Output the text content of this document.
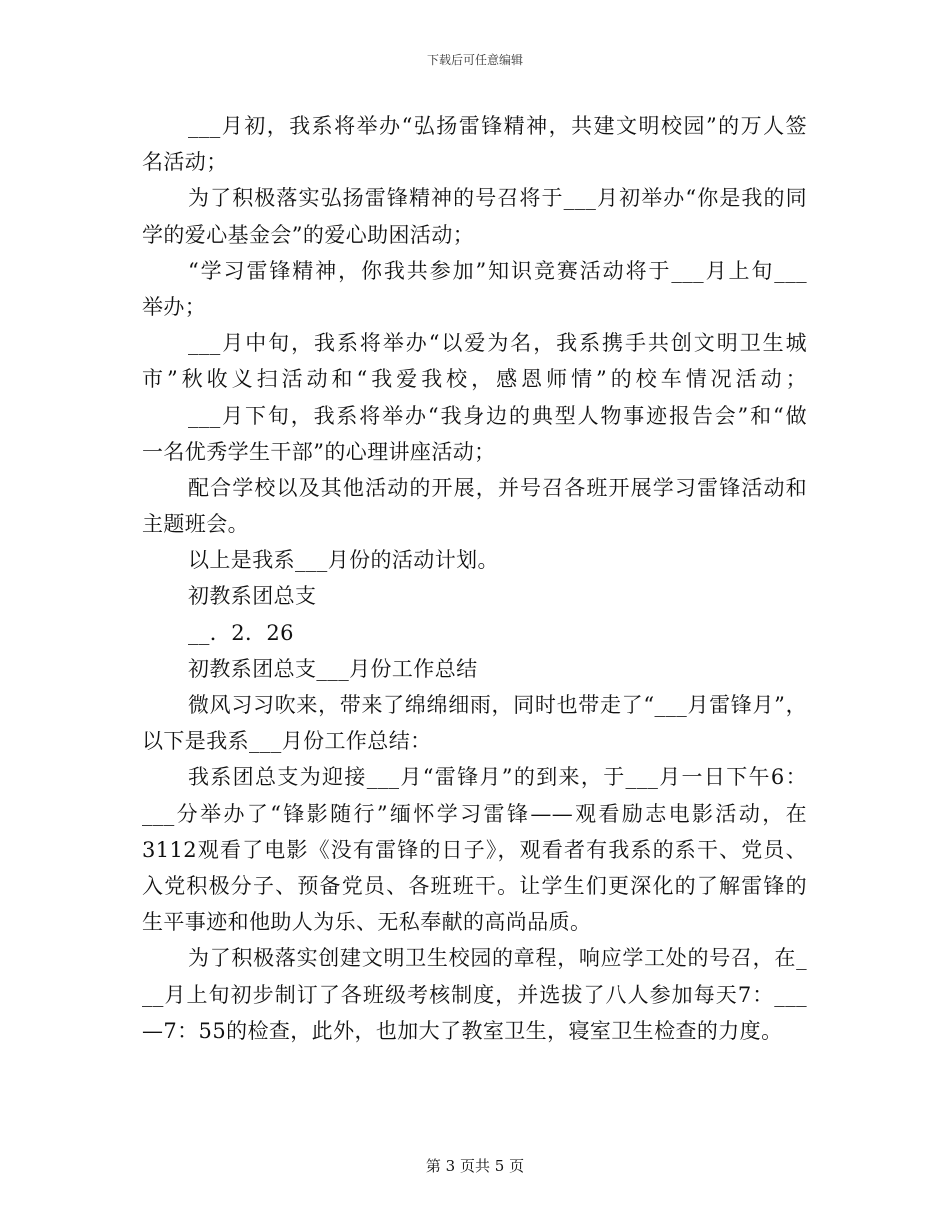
下载后可任意编辑
___月初，我系将举办“弘扬雷锋精神，共建文明校园”的万人签
名活动；
为了积极落实弘扬雷锋精神的号召将于___月初举办“你是我的同
学的爱心基金会”的爱心助困活动；
“学习雷锋精神，你我共参加”知识竞赛活动将于___月上旬___
举办；
___月中旬，我系将举办“以爱为名，我系携手共创文明卫生城
市”秋收义扫活动和“我爱我校，感恩师情”的校车情况活动；
___月下旬，我系将举办“我身边的典型人物事迹报告会”和“做
一名优秀学生干部”的心理讲座活动；
配合学校以及其他活动的开展，并号召各班开展学习雷锋活动和
主题班会。
以上是我系___月份的活动计划。
初教系团总支
__．2．26
初教系团总支___月份工作总结
微风习习吹来，带来了绵绵细雨，同时也带走了“___月雷锋月”，
以下是我系___月份工作总结：
我系团总支为迎接___月“雷锋月”的到来，于___月一日下午6：
___分举办了“锋影随行”缅怀学习雷锋——观看励志电影活动，在
3112观看了电影《没有雷锋的日子》，观看者有我系的系干、党员、
入党积极分子、预备党员、各班班干。让学生们更深化的了解雷锋的
生平事迹和他助人为乐、无私奉献的高尚品质。
为了积极落实创建文明卫生校园的章程，响应学工处的号召，在_
__月上旬初步制订了各班级考核制度，并选拔了八人参加每天7：___
—7：55的检查，此外，也加大了教室卫生，寝室卫生检查的力度。
第 3 页共 5 页
